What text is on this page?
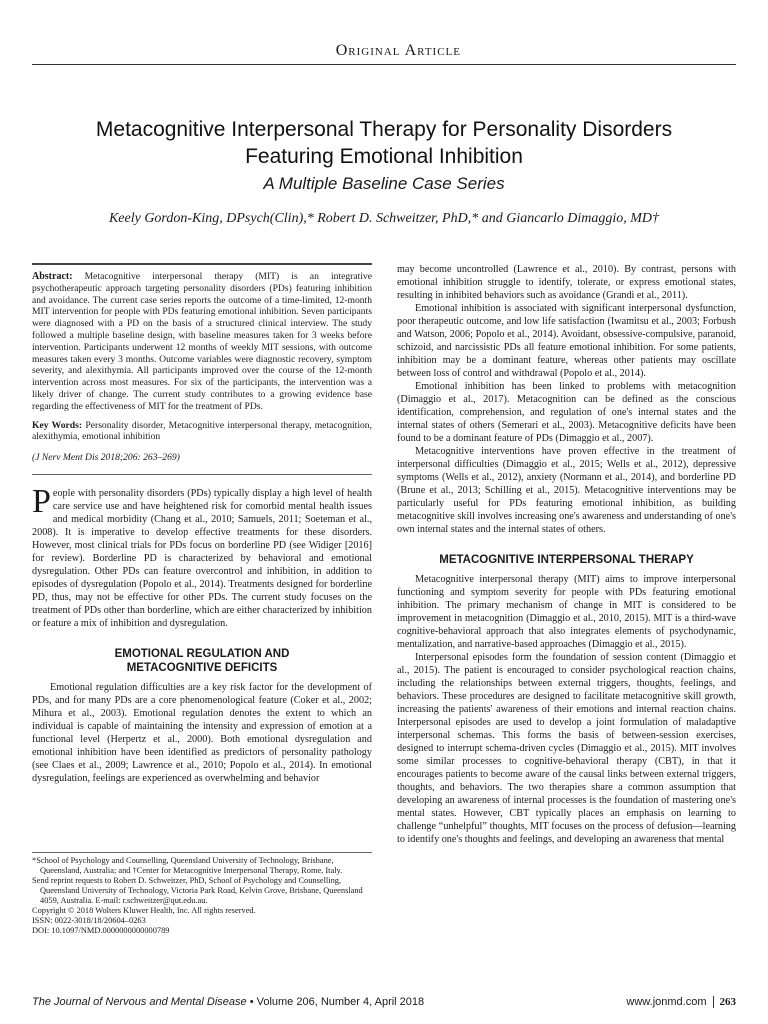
Original Article
Metacognitive Interpersonal Therapy for Personality Disorders
Featuring Emotional Inhibition
A Multiple Baseline Case Series
Keely Gordon-King, DPsych(Clin),* Robert D. Schweitzer, PhD,* and Giancarlo Dimaggio, MD†

Abstract: Metacognitive interpersonal therapy (MIT) is an integrative psychotherapeutic approach targeting personality disorders (PDs) featuring inhibition and avoidance. The current case series reports the outcome of a time-limited, 12-month MIT intervention for people with PDs featuring emotional inhibition. Seven participants were diagnosed with a PD on the basis of a structured clinical interview. The study followed a multiple baseline design, with baseline measures taken for 3 weeks before intervention. Participants underwent 12 months of weekly MIT sessions, with outcome measures taken every 3 months. Outcome variables were diagnostic recovery, symptom severity, and alexithymia. All participants improved over the course of the 12-month intervention across most measures. For six of the participants, the intervention was a likely driver of change. The current study contributes to a growing evidence base regarding the effectiveness of MIT for the treatment of PDs.

Key Words: Personality disorder, Metacognitive interpersonal therapy, metacognition, alexithymia, emotional inhibition

(J Nerv Ment Dis 2018;206: 263–269)

People with personality disorders (PDs) typically display a high level of health care service use and have heightened risk for comorbid mental health issues and medical morbidity (Chang et al., 2010; Samuels, 2011; Soeteman et al., 2008). It is imperative to develop effective treatments for these disorders. However, most clinical trials for PDs focus on borderline PD (see Widiger [2016] for review). Borderline PD is characterized by behavioral and emotional dysregulation. Other PDs can feature overcontrol and inhibition, in addition to episodes of dysregulation (Popolo et al., 2014). Treatments designed for borderline PD, thus, may not be effective for other PDs. The current study focuses on the treatment of PDs other than borderline, which are either characterized by inhibition or feature a mix of inhibition and dysregulation.

EMOTIONAL REGULATION AND
METACOGNITIVE DEFICITS

Emotional regulation difficulties are a key risk factor for the development of PDs, and for many PDs are a core phenomenological feature (Coker et al., 2002; Mihura et al., 2003). Emotional regulation denotes the extent to which an individual is capable of maintaining the intensity and expression of emotion at a functional level (Herpertz et al., 2000). Both emotional dysregulation and emotional inhibition have been identified as predictors of personality pathology (see Claes et al., 2009; Lawrence et al., 2010; Popolo et al., 2014). In emotional dysregulation, feelings are experienced as overwhelming and behavior

*School of Psychology and Counselling, Queensland University of Technology, Brisbane, Queensland, Australia; and †Center for Metacognitive Interpersonal Therapy, Rome, Italy.

Send reprint requests to Robert D. Schweitzer, PhD, School of Psychology and Counselling, Queensland University of Technology, Victoria Park Road, Kelvin Grove, Brisbane, Queensland 4059, Australia. E-mail: r.schweitzer@qut.edu.au.

Copyright © 2018 Wolters Kluwer Health, Inc. All rights reserved.

ISSN: 0022-3018/18/20604–0263

DOI: 10.1097/NMD.0000000000000789

may become uncontrolled (Lawrence et al., 2010). By contrast, persons with emotional inhibition struggle to identify, tolerate, or express emotional states, resulting in inhibited behaviors such as avoidance (Grandi et al., 2011).

Emotional inhibition is associated with significant interpersonal dysfunction, poor therapeutic outcome, and low life satisfaction (Iwamitsu et al., 2003; Forbush and Watson, 2006; Popolo et al., 2014). Avoidant, obsessive-compulsive, paranoid, schizoid, and narcissistic PDs all feature emotional inhibition. For some patients, inhibition may be a dominant feature, whereas other patients may oscillate between loss of control and withdrawal (Popolo et al., 2014).

Emotional inhibition has been linked to problems with metacognition (Dimaggio et al., 2017). Metacognition can be defined as the conscious identification, comprehension, and regulation of one's internal states and the internal states of others (Semerari et al., 2003). Metacognitive deficits have been found to be a dominant feature of PDs (Dimaggio et al., 2007).

Metacognitive interventions have proven effective in the treatment of interpersonal difficulties (Dimaggio et al., 2015; Wells et al., 2012), depressive symptoms (Wells et al., 2012), anxiety (Normann et al., 2014), and borderline PD (Brune et al., 2013; Schilling et al., 2015). Metacognitive interventions may be particularly useful for PDs featuring emotional inhibition, as building metacognitive skill involves increasing one's awareness and understanding of one's own internal states and the internal states of others.

METACOGNITIVE INTERPERSONAL THERAPY

Metacognitive interpersonal therapy (MIT) aims to improve interpersonal functioning and symptom severity for people with PDs featuring emotional inhibition. The primary mechanism of change in MIT is considered to be improvement in metacognition (Dimaggio et al., 2010, 2015). MIT is a third-wave cognitive-behavioral approach that also integrates elements of psychodynamic, mentalization, and narrative-based approaches (Dimaggio et al., 2015).

Interpersonal episodes form the foundation of session content (Dimaggio et al., 2015). The patient is encouraged to consider psychological reaction chains, including the relationships between external triggers, thoughts, feelings, and behaviors. These procedures are designed to facilitate metacognitive skill growth, increasing the patients' awareness of their emotions and internal reaction chains. Interpersonal episodes are used to develop a joint formulation of maladaptive interpersonal schemas. This forms the basis of between-session exercises, designed to interrupt schema-driven cycles (Dimaggio et al., 2015). MIT involves some similar processes to cognitive-behavioral therapy (CBT), in that it encourages patients to become aware of the causal links between external triggers, thoughts, and behaviors. The two therapies share a common assumption that developing an awareness of internal processes is the foundation of mastering one's mental states. However, CBT typically places an emphasis on learning to challenge “unhelpful” thoughts, MIT focuses on the process of defusion—learning to identify one's thoughts and feelings, and developing an awareness that mental

The Journal of Nervous and Mental Disease • Volume 206, Number 4, April 2018	www.jonmd.com 263
